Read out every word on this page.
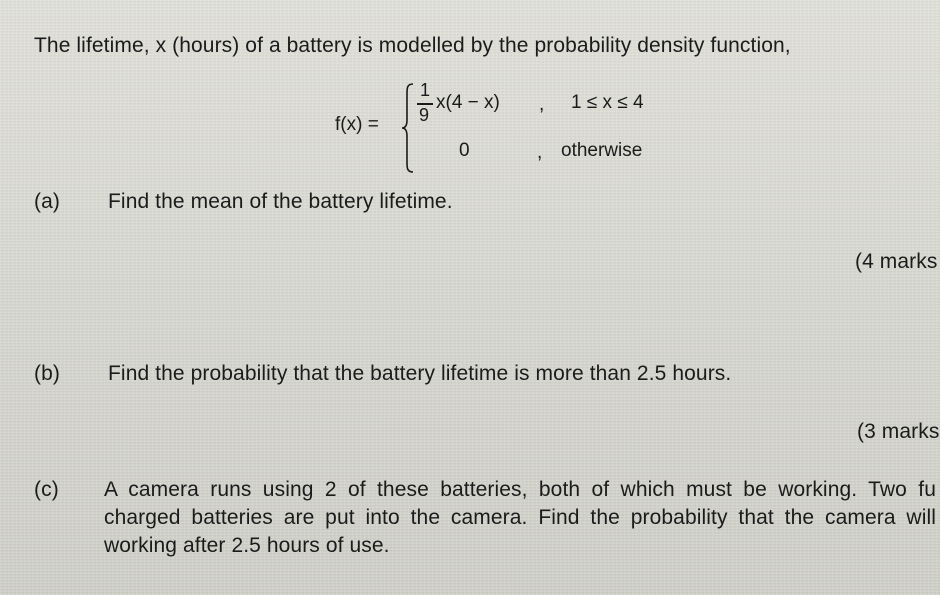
The lifetime, x (hours) of a battery is modelled by the probability density function,
f(x) =
1
9
x(4 − x) , 1 ≤ x ≤ 4
0	, otherwise
(a) Find the mean of the battery lifetime.
(4 marks
(b) Find the probability that the battery lifetime is more than 2.5 hours.
(3 marks
(c) A camera runs using 2 of these batteries, both of which must be working. Two fu
charged batteries are put into the camera. Find the probability that the camera will
working after 2.5 hours of use.
